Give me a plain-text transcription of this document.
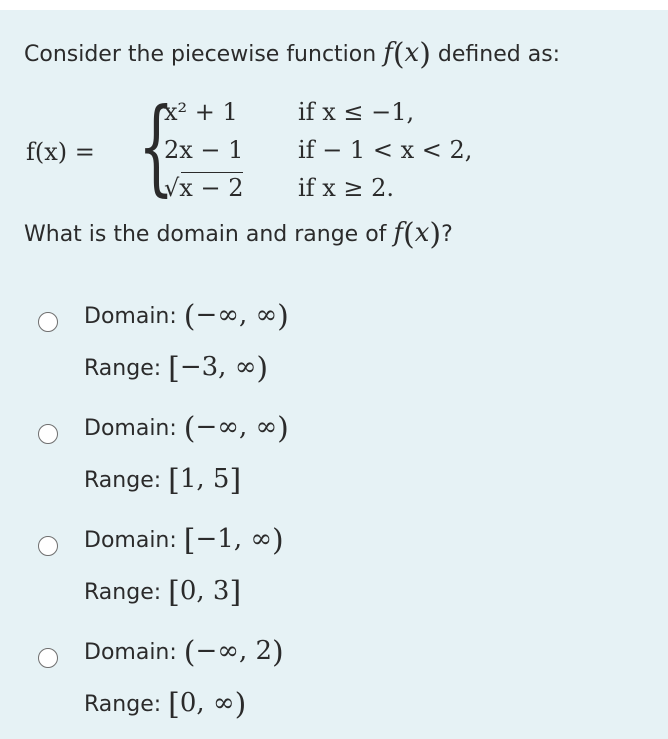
Consider the piecewise function f(x) defined as:
f(x) = {
x² + 1	if x ≤ −1,
2x − 1 if − 1 < x < 2,
√x − 2 if x ≥ 2.
What is the domain and range of f(x)?
Domain: (−∞, ∞)
Range: [−3, ∞)
Domain: (−∞, ∞)
Range: [1, 5]
Domain: [−1, ∞)
Range: [0, 3]
Domain: (−∞, 2)
Range: [0, ∞)
